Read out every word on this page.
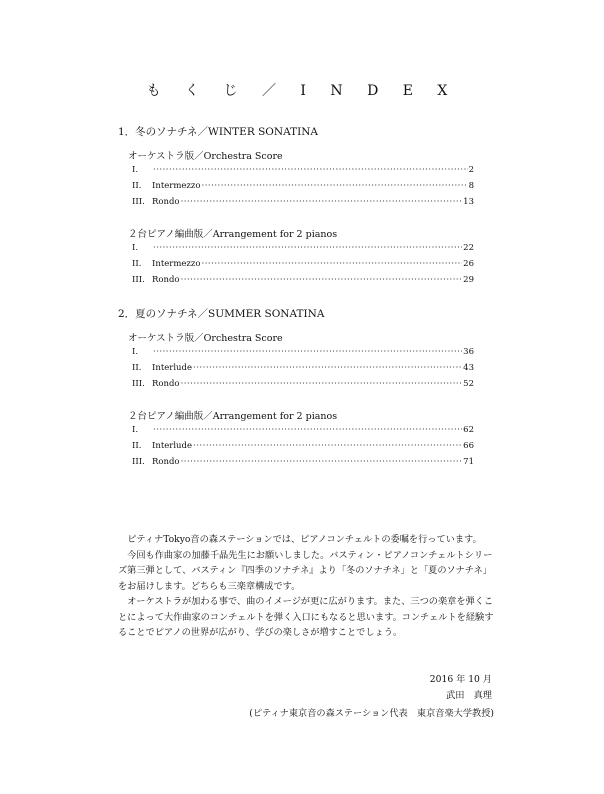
も く じ ／ I N D E X
1．冬のソナチネ／WINTER SONATINA
オーケストラ版／Orchestra Score
I. ·····	2
II.	Intermezzo ·····	8
III. Rondo ·····	13
２台ピアノ編曲版／Arrangement for 2 pianos
I. ·····	22
II.	Intermezzo ·····	26
III. Rondo ·····	29
2．夏のソナチネ／SUMMER SONATINA
オーケストラ版／Orchestra Score
I. ·····	36
II.	Interlude ·····	43
III. Rondo ·····	52
２台ピアノ編曲版／Arrangement for 2 pianos
I. ·····	62
II.	Interlude ·····	66
III. Rondo ·····	71

ピティナTokyo音の森ステーションでは、ピアノコンチェルトの委嘱を行っています。

今回も作曲家の加藤千晶先生にお願いしました。バスティン・ピアノコンチェルトシリーズ第三弾として、バスティン『四季のソナチネ』より「冬のソナチネ」と「夏のソナチネ」をお届けします。どちらも三楽章構成です。

オーケストラが加わる事で、曲のイメージが更に広がります。また、三つの楽章を弾くことによって大作曲家のコンチェルトを弾く入口にもなると思います。コンチェルトを経験することでピアノの世界が広がり、学びの楽しさが増すことでしょう。

2016 年 10 月
武田　真理
(ピティナ東京音の森ステーション代表　東京音楽大学教授)
